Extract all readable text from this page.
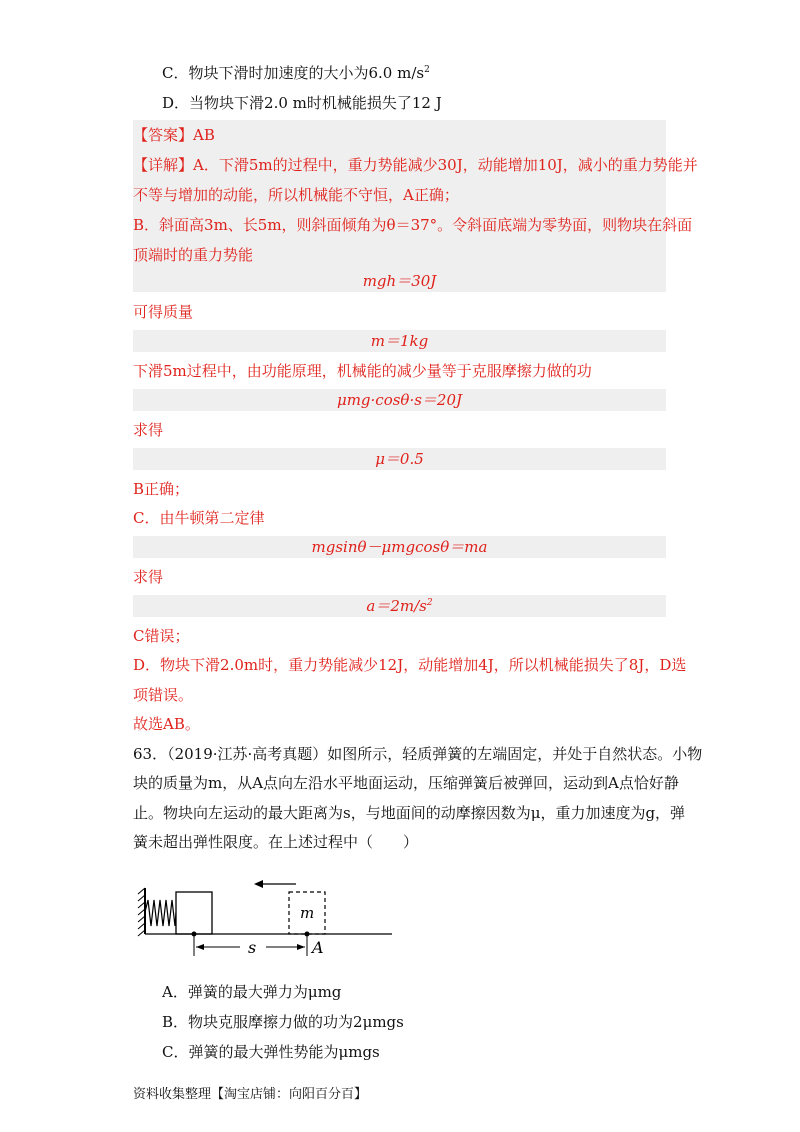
C．物块下滑时加速度的大小为6.0 $m/s^2$
D．当物块下滑2.0 m时机械能损失了12 J
【答案】AB
【详解】A．下滑5m的过程中，重力势能减少30J，动能增加10J，减小的重力势能并
不等与增加的动能，所以机械能不守恒，A正确；
B．斜面高3m、长5m，则斜面倾角为θ＝37°。令斜面底端为零势面，则物块在斜面
顶端时的重力势能
mgh＝30J
可得质量
m＝1kg
下滑5m过程中，由功能原理，机械能的减少量等于克服摩擦力做的功
μmg·cosθ·s＝20J
求得
μ＝0.5
B正确；
C．由牛顿第二定律
mgsinθ－μmgcosθ＝ma
求得
$a=2m/s^2$
C错误；
D．物块下滑2.0m时，重力势能减少12J，动能增加4J，所以机械能损失了8J，D选
项错误。
故选AB。
63．（2019·江苏·高考真题）如图所示，轻质弹簧的左端固定，并处于自然状态。小物
块的质量为m，从A点向左沿水平地面运动，压缩弹簧后被弹回，运动到A点恰好静
止。物块向左运动的最大距离为s，与地面间的动摩擦因数为μ，重力加速度为g，弹
簧未超出弹性限度。在上述过程中（　　）
m
s	A
A．弹簧的最大弹力为μmg
B．物块克服摩擦力做的功为2μmgs
C．弹簧的最大弹性势能为μmgs
资料收集整理【淘宝店铺：向阳百分百】
